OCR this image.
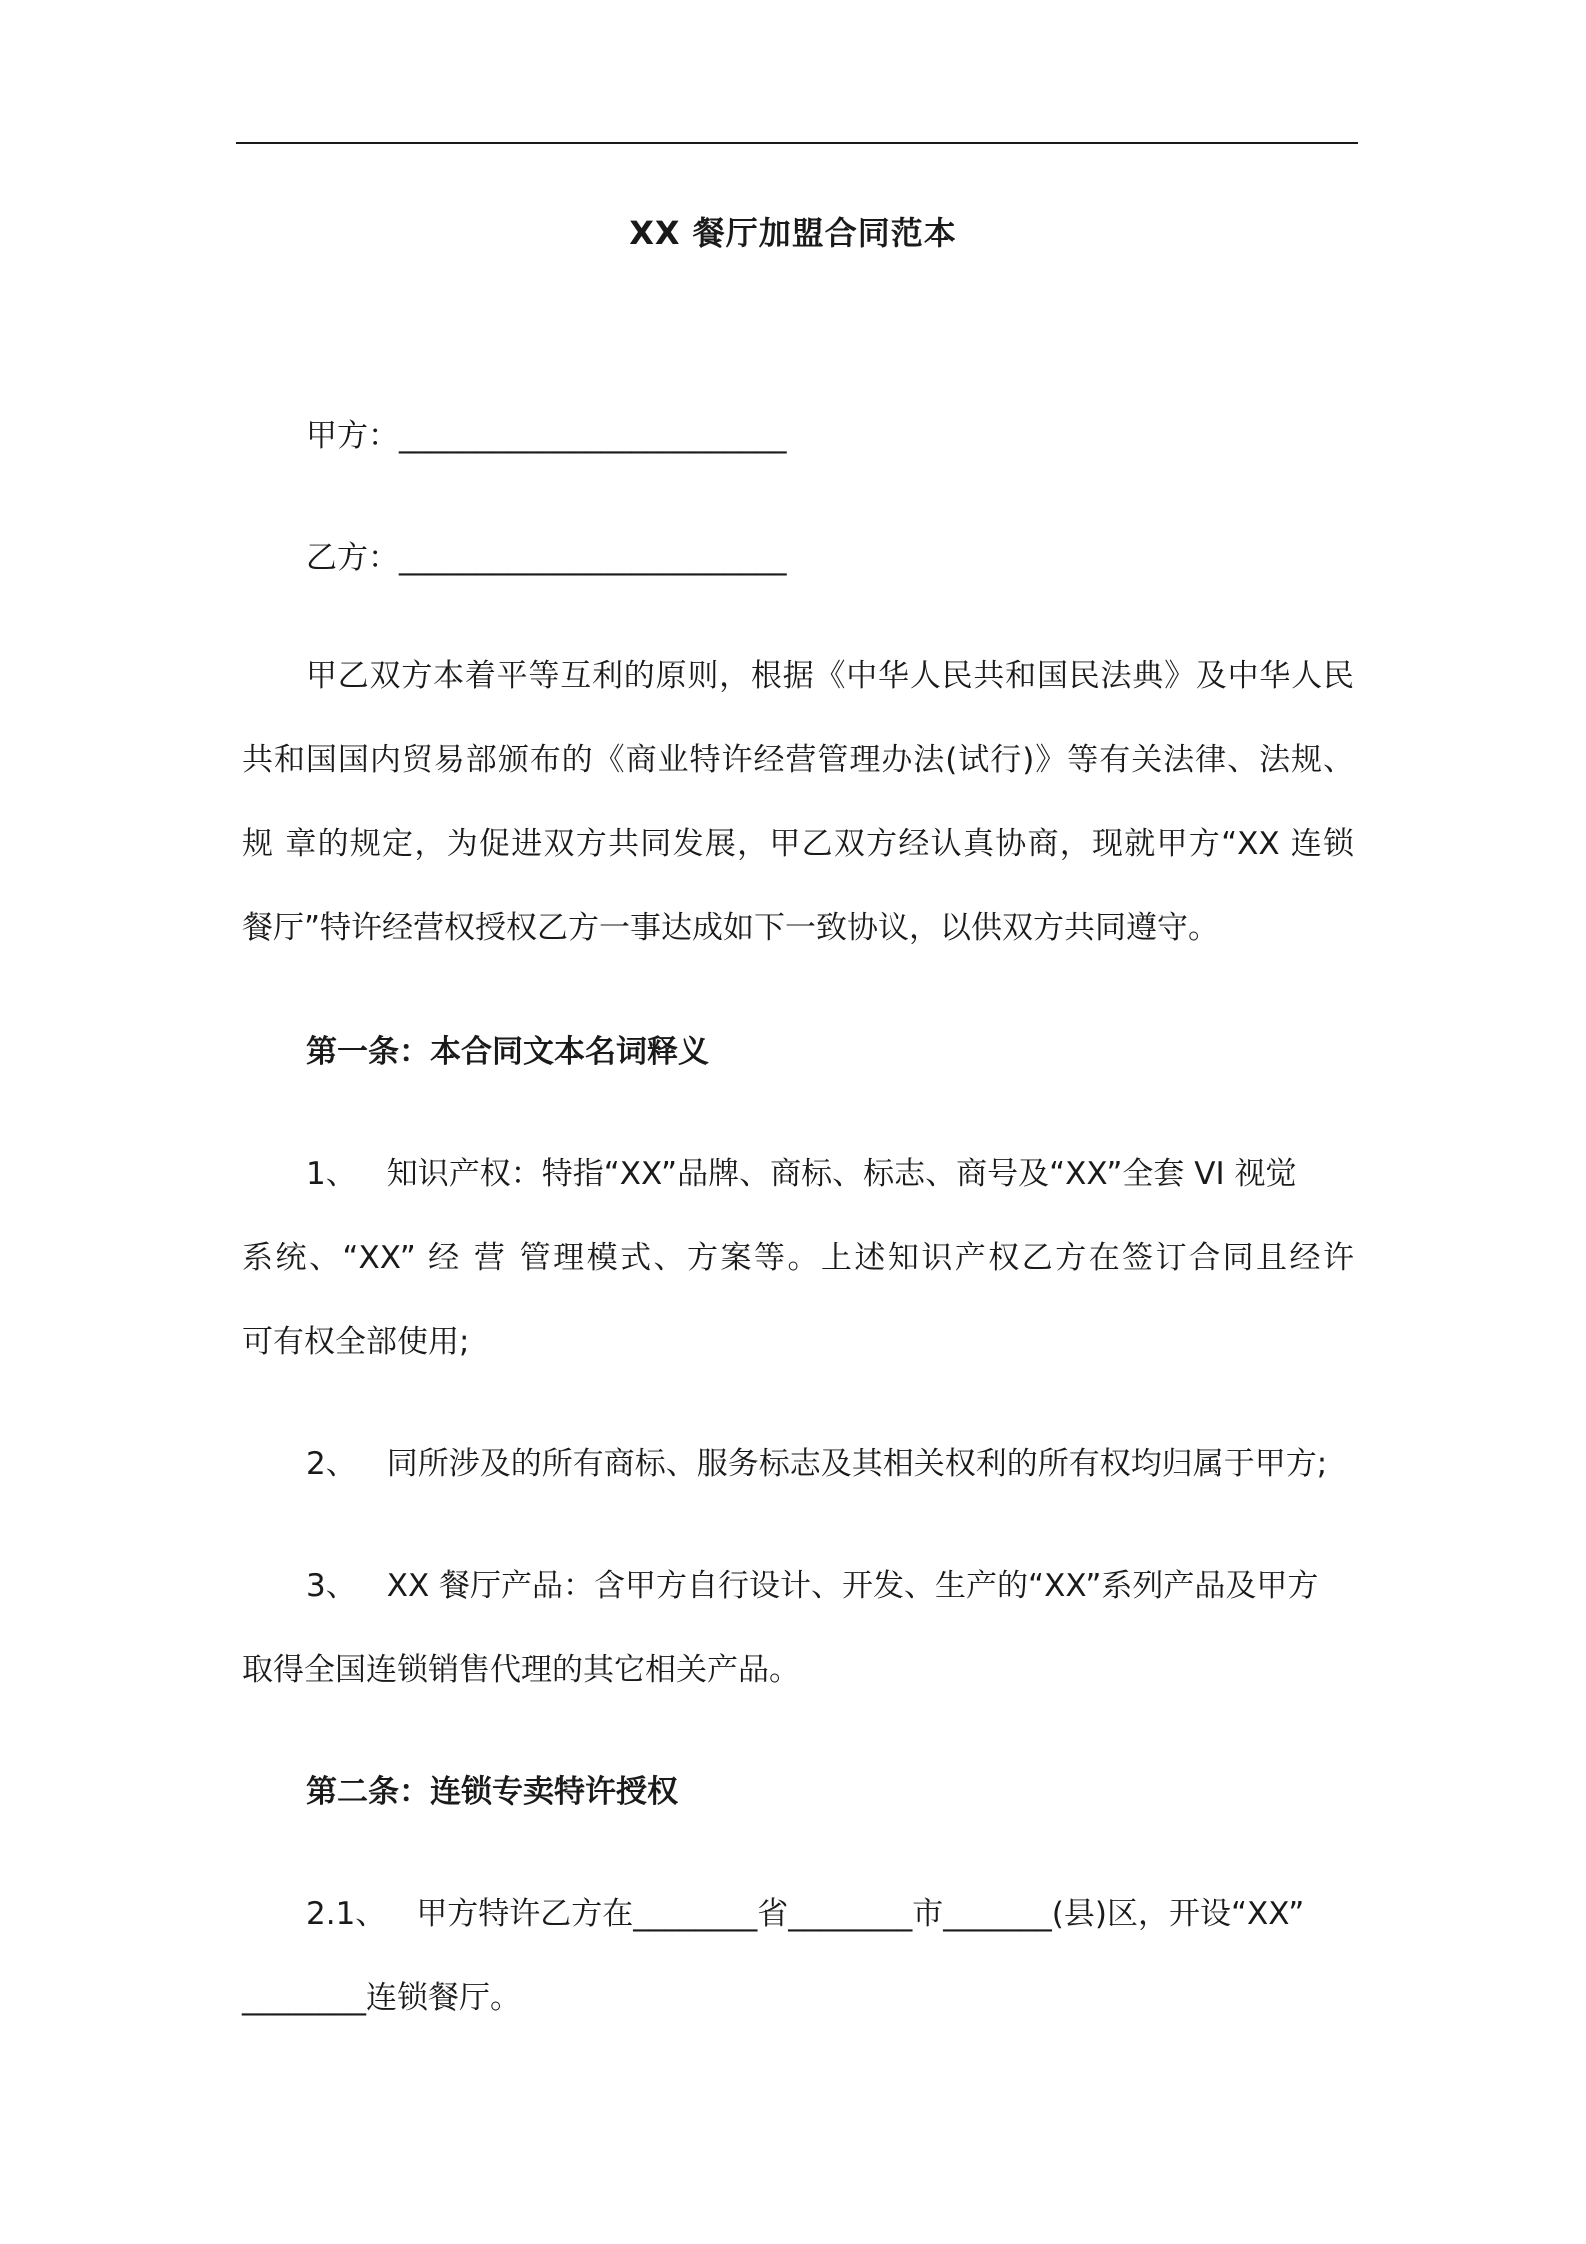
XX 餐厅加盟合同范本
甲方：_________________________
乙方：_________________________
甲乙双方本着平等互利的原则，根据《中华人民共和国民法典》及中华人民
共和国国内贸易部颁布的《商业特许经营管理办法(试行)》等有关法律、法规、
规 章的规定，为促进双方共同发展，甲乙双方经认真协商，现就甲方“XX 连锁
餐厅”特许经营权授权乙方一事达成如下一致协议，以供双方共同遵守。
第一条：本合同文本名词释义
1、 知识产权：特指“XX”品牌、商标、标志、商号及“XX”全套 VI 视觉
系统、“XX” 经 营 管理模式、方案等。上述知识产权乙方在签订合同且经许
可有权全部使用;
2、 同所涉及的所有商标、服务标志及其相关权利的所有权均归属于甲方;
3、 XX 餐厅产品：含甲方自行设计、开发、生产的“XX”系列产品及甲方
取得全国连锁销售代理的其它相关产品。
第二条：连锁专卖特许授权
2.1、 甲方特许乙方在________省________市_______(县)区，开设“XX”
________连锁餐厅。
